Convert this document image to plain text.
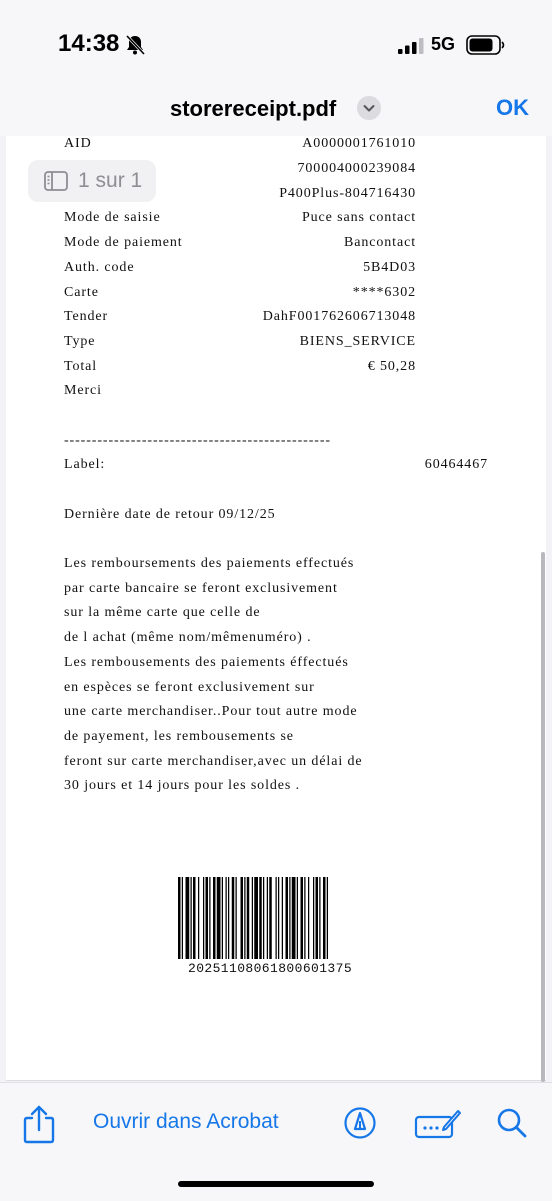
14:38	5G
storereceipt.pdf	OK
AID	A0000001761010
700004000239084
P400Plus-804716430
Mode de saisie	Puce sans contact
Mode de paiement	Bancontact
Auth. code	5B4D03
Carte	****6302
Tender	DahF001762606713048
Type	BIENS_SERVICE
Total	€ 50,28
Merci
------------------------------------------------
Label:	60464467
Dernière date de retour 09/12/25
Les remboursements des paiements effectués
par carte bancaire se feront exclusivement
sur la même carte que celle de
de l achat (même nom/mêmenuméro) .
Les rembousements des paiements éffectués
en espèces se feront exclusivement sur
une carte merchandiser..Pour tout autre mode
de payement, les rembousements se
feront sur carte merchandiser,avec un délai de
30 jours et 14 jours pour les soldes .
1 sur 1
20251108061800601375
Ouvrir dans Acrobat
